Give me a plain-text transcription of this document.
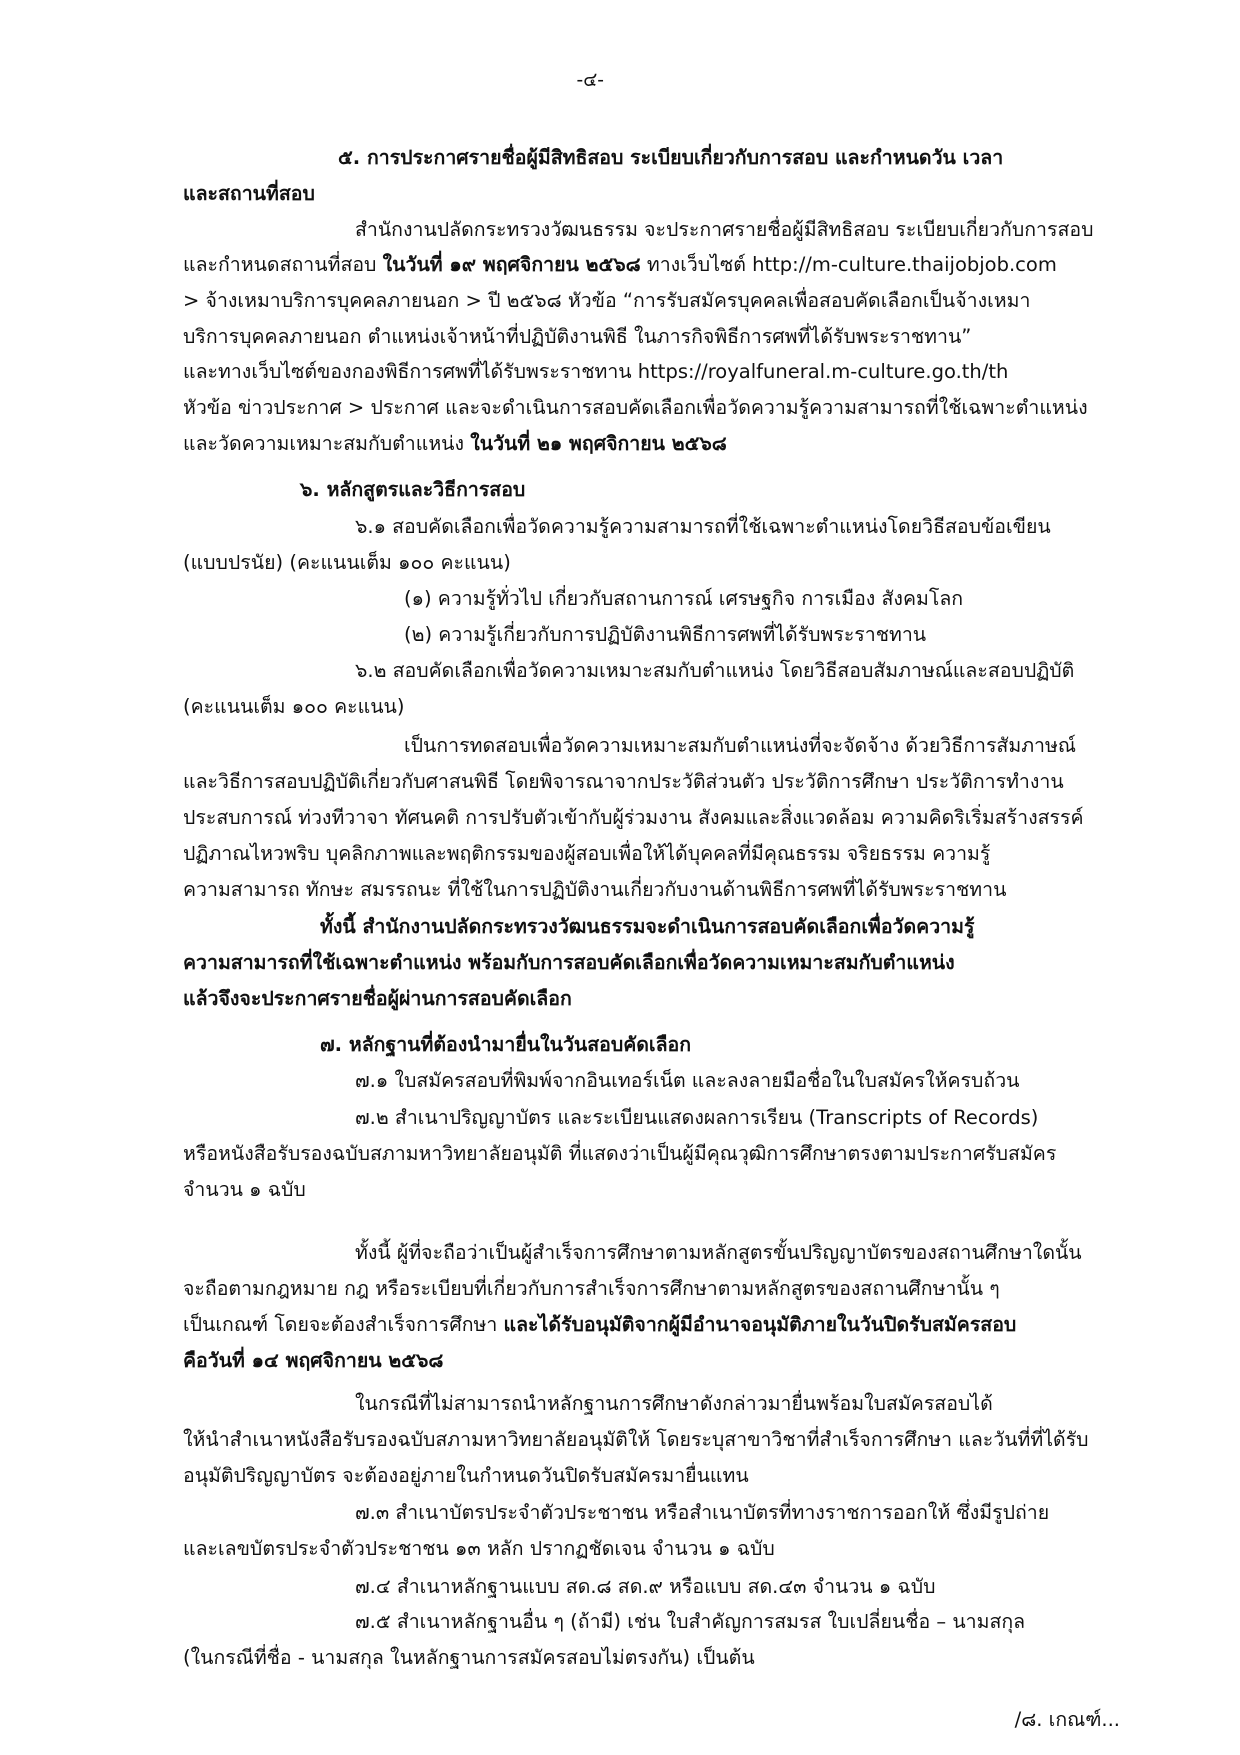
-๔-
๕. การประกาศรายชื่อผู้มีสิทธิสอบ ระเบียบเกี่ยวกับการสอบ และกำหนดวัน เวลา
และสถานที่สอบ
สำนักงานปลัดกระทรวงวัฒนธรรม จะประกาศรายชื่อผู้มีสิทธิสอบ ระเบียบเกี่ยวกับการสอบ
และกำหนดสถานที่สอบ ในวันที่ ๑๙ พฤศจิกายน ๒๕๖๘ ทางเว็บไซต์ http://m-culture.thaijobjob.com
> จ้างเหมาบริการบุคคลภายนอก > ปี ๒๕๖๘ หัวข้อ “การรับสมัครบุคคลเพื่อสอบคัดเลือกเป็นจ้างเหมา
บริการบุคคลภายนอก ตำแหน่งเจ้าหน้าที่ปฏิบัติงานพิธี ในภารกิจพิธีการศพที่ได้รับพระราชทาน”
และทางเว็บไซต์ของกองพิธีการศพที่ได้รับพระราชทาน https://royalfuneral.m-culture.go.th/th
หัวข้อ ข่าวประกาศ > ประกาศ และจะดำเนินการสอบคัดเลือกเพื่อวัดความรู้ความสามารถที่ใช้เฉพาะตำแหน่ง
และวัดความเหมาะสมกับตำแหน่ง ในวันที่ ๒๑ พฤศจิกายน ๒๕๖๘
๖. หลักสูตรและวิธีการสอบ
๖.๑ สอบคัดเลือกเพื่อวัดความรู้ความสามารถที่ใช้เฉพาะตำแหน่งโดยวิธีสอบข้อเขียน
(แบบปรนัย) (คะแนนเต็ม ๑๐๐ คะแนน)
(๑) ความรู้ทั่วไป เกี่ยวกับสถานการณ์ เศรษฐกิจ การเมือง สังคมโลก
(๒) ความรู้เกี่ยวกับการปฏิบัติงานพิธีการศพที่ได้รับพระราชทาน
๖.๒ สอบคัดเลือกเพื่อวัดความเหมาะสมกับตำแหน่ง โดยวิธีสอบสัมภาษณ์และสอบปฏิบัติ
(คะแนนเต็ม ๑๐๐ คะแนน)
เป็นการทดสอบเพื่อวัดความเหมาะสมกับตำแหน่งที่จะจัดจ้าง ด้วยวิธีการสัมภาษณ์
และวิธีการสอบปฏิบัติเกี่ยวกับศาสนพิธี โดยพิจารณาจากประวัติส่วนตัว ประวัติการศึกษา ประวัติการทำงาน
ประสบการณ์ ท่วงทีวาจา ทัศนคติ การปรับตัวเข้ากับผู้ร่วมงาน สังคมและสิ่งแวดล้อม ความคิดริเริ่มสร้างสรรค์
ปฏิภาณไหวพริบ บุคลิกภาพและพฤติกรรมของผู้สอบเพื่อให้ได้บุคคลที่มีคุณธรรม จริยธรรม ความรู้
ความสามารถ ทักษะ สมรรถนะ ที่ใช้ในการปฏิบัติงานเกี่ยวกับงานด้านพิธีการศพที่ได้รับพระราชทาน
ทั้งนี้ สำนักงานปลัดกระทรวงวัฒนธรรมจะดำเนินการสอบคัดเลือกเพื่อวัดความรู้
ความสามารถที่ใช้เฉพาะตำแหน่ง พร้อมกับการสอบคัดเลือกเพื่อวัดความเหมาะสมกับตำแหน่ง
แล้วจึงจะประกาศรายชื่อผู้ผ่านการสอบคัดเลือก
๗. หลักฐานที่ต้องนำมายื่นในวันสอบคัดเลือก
๗.๑ ใบสมัครสอบที่พิมพ์จากอินเทอร์เน็ต และลงลายมือชื่อในใบสมัครให้ครบถ้วน
๗.๒ สำเนาปริญญาบัตร และระเบียนแสดงผลการเรียน (Transcripts of Records)
หรือหนังสือรับรองฉบับสภามหาวิทยาลัยอนุมัติ ที่แสดงว่าเป็นผู้มีคุณวุฒิการศึกษาตรงตามประกาศรับสมัคร
จำนวน ๑ ฉบับ
ทั้งนี้ ผู้ที่จะถือว่าเป็นผู้สำเร็จการศึกษาตามหลักสูตรขั้นปริญญาบัตรของสถานศึกษาใดนั้น
จะถือตามกฎหมาย กฎ หรือระเบียบที่เกี่ยวกับการสำเร็จการศึกษาตามหลักสูตรของสถานศึกษานั้น ๆ
เป็นเกณฑ์ โดยจะต้องสำเร็จการศึกษา และได้รับอนุมัติจากผู้มีอำนาจอนุมัติภายในวันปิดรับสมัครสอบ
คือวันที่ ๑๔ พฤศจิกายน ๒๕๖๘
ในกรณีที่ไม่สามารถนำหลักฐานการศึกษาดังกล่าวมายื่นพร้อมใบสมัครสอบได้
ให้นำสำเนาหนังสือรับรองฉบับสภามหาวิทยาลัยอนุมัติให้ โดยระบุสาขาวิชาที่สำเร็จการศึกษา และวันที่ที่ได้รับ
อนุมัติปริญญาบัตร จะต้องอยู่ภายในกำหนดวันปิดรับสมัครมายื่นแทน
๗.๓ สำเนาบัตรประจำตัวประชาชน หรือสำเนาบัตรที่ทางราชการออกให้ ซึ่งมีรูปถ่าย
และเลขบัตรประจำตัวประชาชน ๑๓ หลัก ปรากฏชัดเจน จำนวน ๑ ฉบับ
๗.๔ สำเนาหลักฐานแบบ สด.๘ สด.๙ หรือแบบ สด.๔๓ จำนวน ๑ ฉบับ
๗.๕ สำเนาหลักฐานอื่น ๆ (ถ้ามี) เช่น ใบสำคัญการสมรส ใบเปลี่ยนชื่อ – นามสกุล
(ในกรณีที่ชื่อ - นามสกุล ในหลักฐานการสมัครสอบไม่ตรงกัน) เป็นต้น
/๘. เกณฑ์...
